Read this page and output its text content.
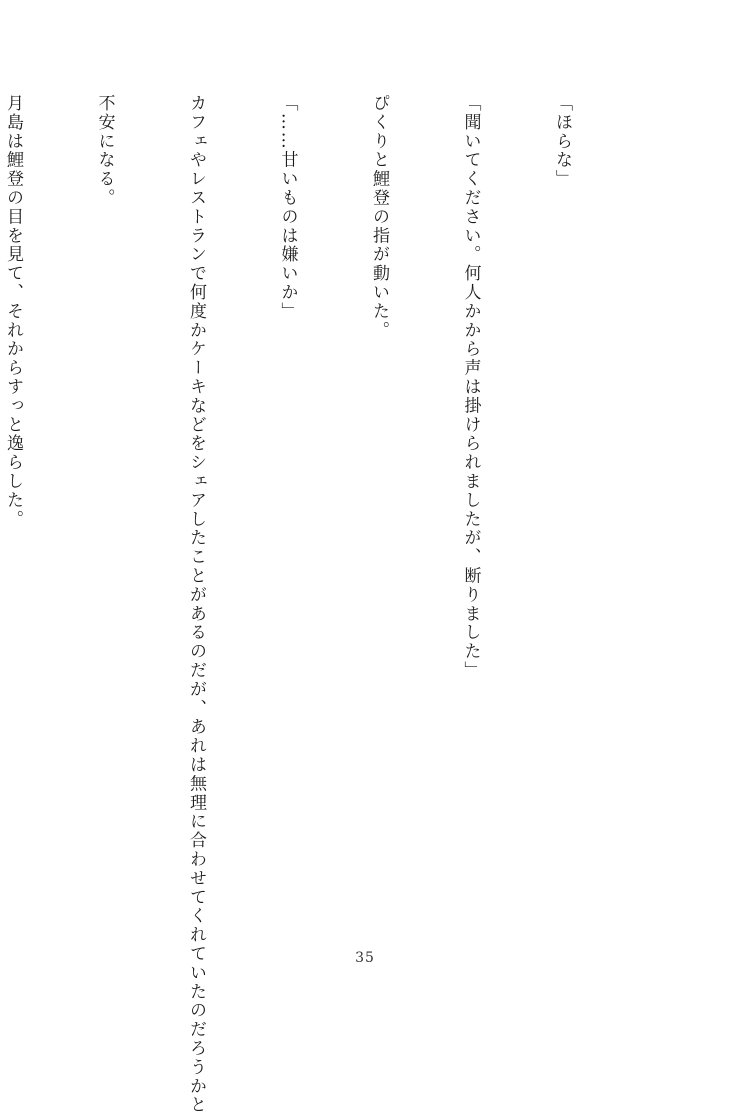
「ほらな」

「聞いてください。何人かから声は掛けられましたが、断りました」

ぴくりと鯉登の指が動いた。

「……甘いものは嫌いか」

カフェやレストランで何度かケーキなどをシェアしたことがあるのだが、あれは無理に合わせてくれていたのだろうかと

不安になる。

月島は鯉登の目を見て、それからすっと逸らした。

35
